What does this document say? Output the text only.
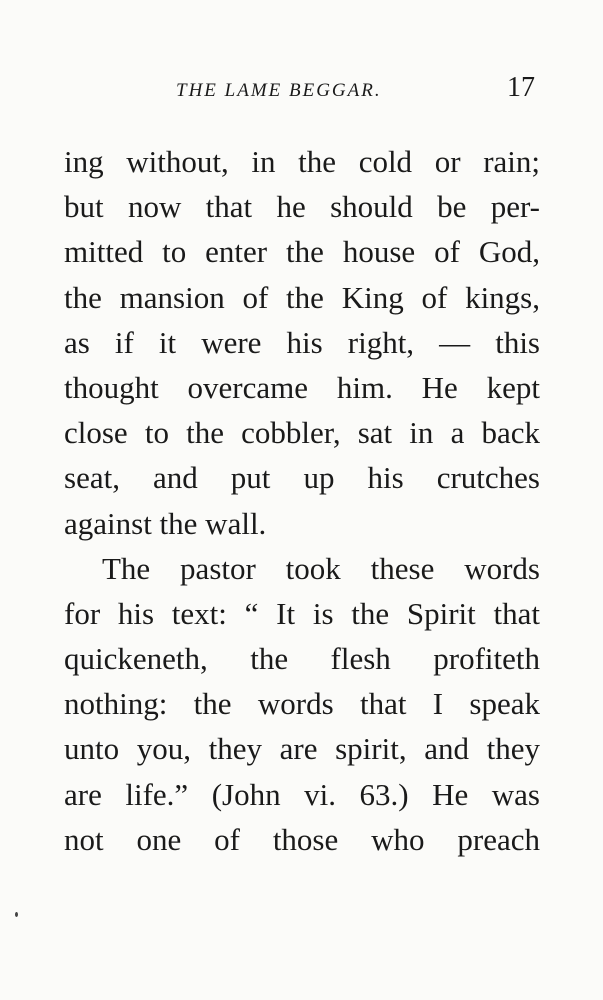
THE LAME BEGGAR.	17
ing without, in the cold or rain;
but now that he should be per-
mitted to enter the house of God,
the mansion of the King of kings,
as if it were his right, — this
thought overcame him. He kept
close to the cobbler, sat in a back
seat, and put up his crutches
against the wall.
The pastor took these words
for his text: “ It is the Spirit that
quickeneth, the flesh profiteth
nothing: the words that I speak
unto you, they are spirit, and they
are life.” (John vi. 63.) He was
not one of those who preach
